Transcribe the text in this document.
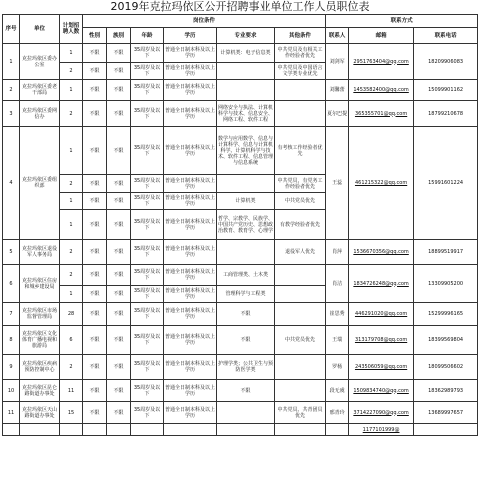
2019年克拉玛依区公开招聘事业单位工作人员职位表
序号	单位	计划招聘人数	岗位条件						联系方式		
			性别	族别	年龄	学历	专业要求	其他条件	联系人	邮箱	联系电话
1	克拉玛依区委办公室	1	不限	不限	35周岁及以下	普通全日制本科及以上学历	计算机类：电子信息类	中共党员及有相关工作经验者优先	刘剑军	2951763404@qq.com	18209906083
		2	不限	不限	35周岁及以下	普通全日制本科及以上学历		中共党员及中国语言文学类专业优先			
2	克拉玛依区委老干部局	1	不限	不限	35周岁及以下	普通全日制本科及以上学历			刘馨蕾	1453582400@qq.com	15099901162
3	克拉玛依区委网信办	2	不限	不限	35周岁及以下	普通全日制本科及以上学历	网络安全与执法、计算机科学与技术、信息安全、网络工程、软件工程		夏尔巴提	365355701@qq.com	18799210678
4	克拉玛依区委组织部	1	不限	不限	35周岁及以下	普通全日制本科及以上学历	数学与应用数学、信息与计算科学、信息与计算机科学、计算机科学与技术、软件工程、信息管理与信息系统	有考核工作经验者优先	王蕊	461215322@qq.com	15991601224
		2	不限	不限	35周岁及以下	普通全日制本科及以上学历		中共党员，有党务工作经验者优先			
		1	不限	不限	35周岁及以下	普通全日制本科及以上学历	计算机类	中共党员优先			
		1	不限	不限	35周岁及以下	普通全日制本科及以上学历	哲学、宗教学、民族学、中国共产党历史、思想政治教育、教育学、心理学	有教学经验者优先			
5	克拉玛依区退役军人事务局	2	不限	不限	35周岁及以下	普通全日制本科及以上学历		退役军人优先	肖萍	1536670356@qq.com	18899519917
6	克拉玛依区住房和城乡建设局	2	不限	不限	35周岁及以下	普通全日制本科及以上学历	工商管理类、土木类		肖洁	1834726248@qq.com	13309905200
		1	不限	不限	35周岁及以下	普通全日制本科及以上学历	管理科学与工程类				
7	克拉玛依区市场监督管理局	28	不限	不限	35周岁及以下	普通全日制本科及以上学历	不限		崔思秀	446291020@qq.com	15299996165
8	克拉玛依区文化体育广播电视和旅游局	6	不限	不限	35周岁及以下	普通全日制本科及以上学历	不限	中共党员优先	王瑞	313179708@qq.com	18399569804
9	克拉玛依区疾病预防控制中心	2	不限	不限	35周岁及以下	普通全日制本科及以上学历	护理学类；公共卫生与预防医学类		罗杨	243506059@qq.com	18099506602
10	克拉玛依区昆仑路街道办事处	11	不限	不限	35周岁及以下	普通全日制本科及以上学历	不限		段无虞	1509834740@qq.com	18362989793
11	克拉玛依区天山路街道办事处	15	不限	不限	35周岁及以下	普通全日制本科及以上学历		中共党员、共青团员优先	邢青玲	3714227090@qq.com	13689997657
										1177101999@	
